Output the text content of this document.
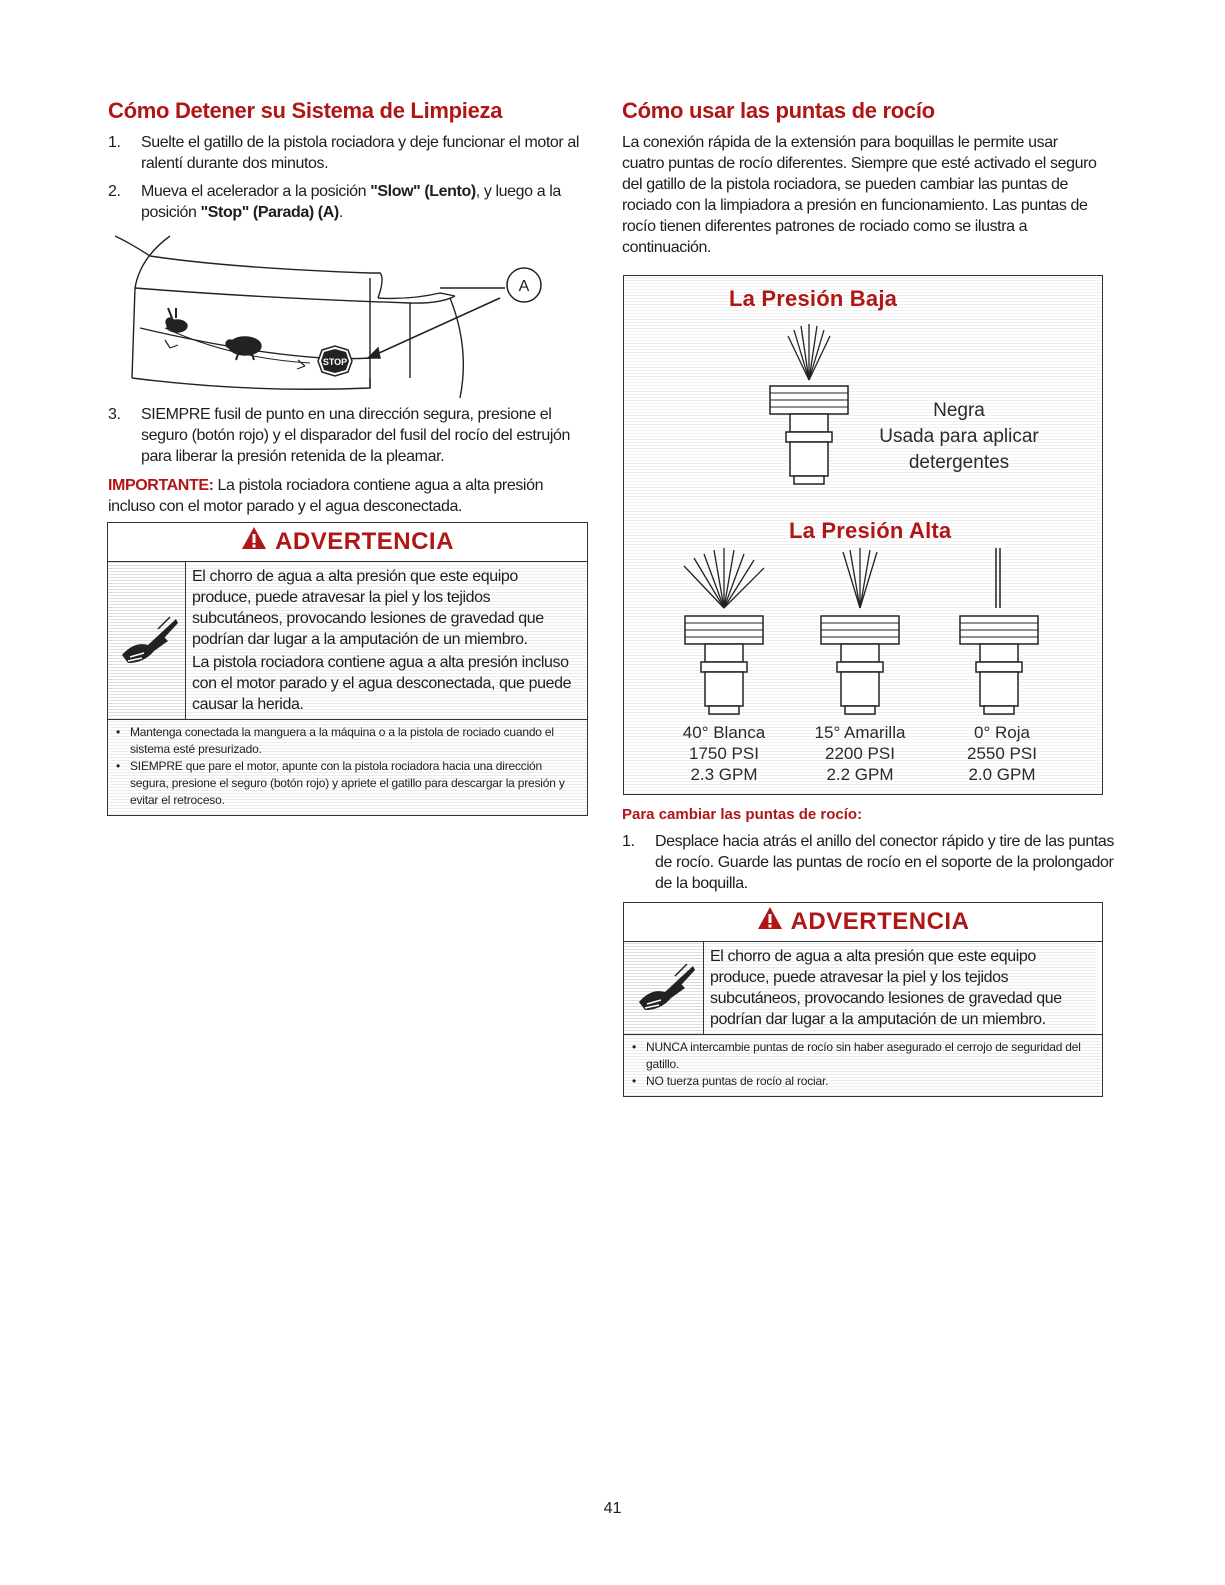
Cómo Detener su Sistema de Limpieza
1. Suelte el gatillo de la pistola rociadora y deje funcionar el motor al ralentí durante dos minutos.
2. Mueva el acelerador a la posición "Slow" (Lento), y luego a la posición "Stop" (Parada) (A).
STOP
A
3. SIEMPRE fusil de punto en una dirección segura, presione el seguro (botón rojo) y el disparador del fusil del rocío del estrujón para liberar la presión retenida de la pleamar.

IMPORTANTE: La pistola rociadora contiene agua a alta presión incluso con el motor parado y el agua desconectada.

ADVERTENCIA

El chorro de agua a alta presión que este equipo produce, puede atravesar la piel y los tejidos subcutáneos, provocando lesiones de gravedad que podrían dar lugar a la amputación de un miembro.

La pistola rociadora contiene agua a alta presión incluso con el motor parado y el agua desconectada, que puede causar la herida.

• Mantenga conectada la manguera a la máquina o a la pistola de rociado cuando el sistema esté presurizado.
• SIEMPRE que pare el motor, apunte con la pistola rociadora hacia una dirección segura, presione el seguro (botón rojo) y apriete el gatillo para descargar la presión y evitar el retroceso.
Cómo usar las puntas de rocío

La conexión rápida de la extensión para boquillas le permite usar cuatro puntas de rocío diferentes. Siempre que esté activado el seguro del gatillo de la pistola rociadora, se pueden cambiar las puntas de rociado con la limpiadora a presión en funcionamiento. Las puntas de rocío tienen diferentes patrones de rociado como se ilustra a continuación.

La Presión Baja
Negra
Usada para aplicar
detergentes
La Presión Alta
40° Blanca
1750 PSI
2.3 GPM
15° Amarilla
2200 PSI
2.2 GPM
0° Roja
2550 PSI
2.0 GPM
Para cambiar las puntas de rocío:
1. Desplace hacia atrás el anillo del conector rápido y tire de las puntas de rocío. Guarde las puntas de rocío en el soporte de la prolongador de la boquilla.
ADVERTENCIA

El chorro de agua a alta presión que este equipo produce, puede atravesar la piel y los tejidos subcutáneos, provocando lesiones de gravedad que podrían dar lugar a la amputación de un miembro.

• NUNCA intercambie puntas de rocío sin haber asegurado el cerrojo de seguridad del gatillo.
• NO tuerza puntas de rocío al rociar.
41
